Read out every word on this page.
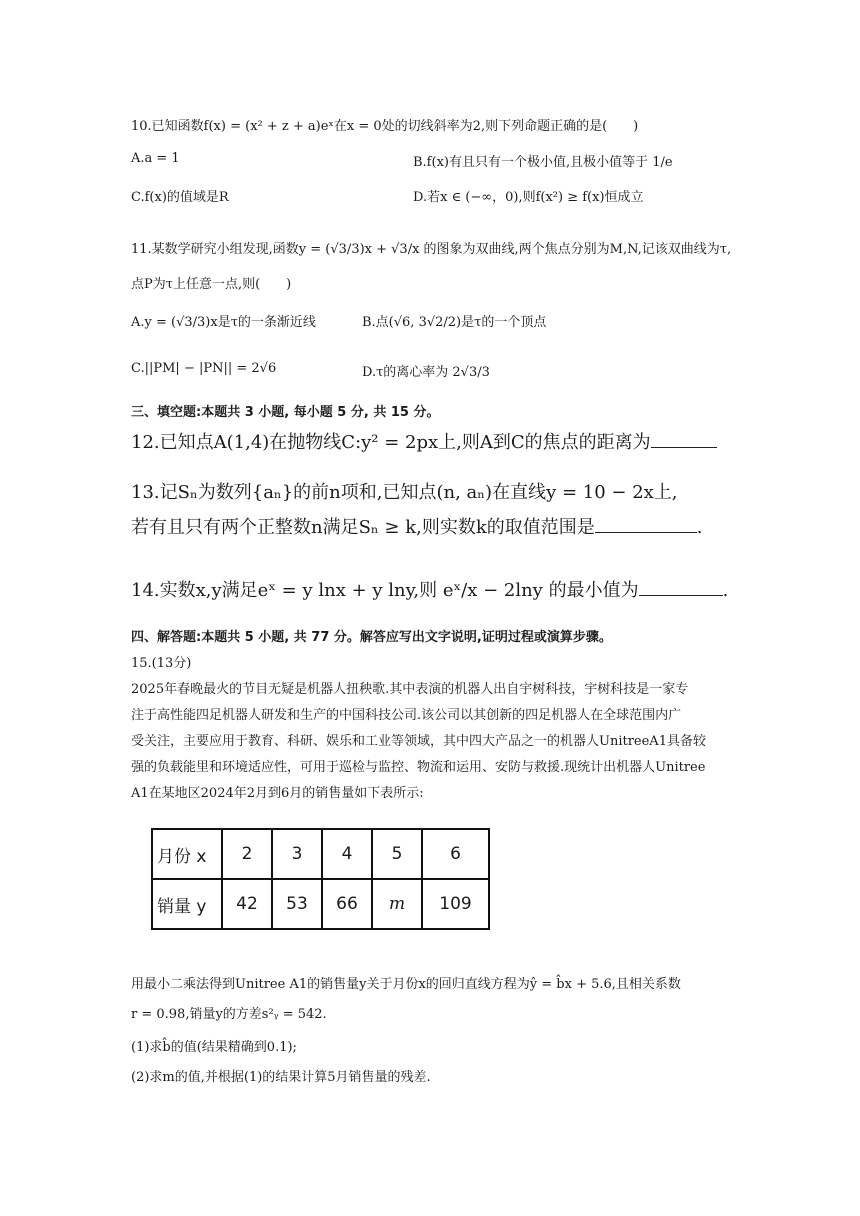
10.已知函数f(x) = (x² + z + a)eˣ在x = 0处的切线斜率为2,则下列命题正确的是(　　)
A.a = 1	B.f(x)有且只有一个极小值,且极小值等于 1/e
C.f(x)的值域是R	D.若x ∈ (−∞，0),则f(x²) ≥ f(x)恒成立
11.某数学研究小组发现,函数y = (√3/3)x + √3/x 的图象为双曲线,两个焦点分别为M,N,记该双曲线为τ,
点P为τ上任意一点,则(　　)
A.y = (√3/3)x是τ的一条渐近线	B.点(√6, 3√2/2)是τ的一个顶点
C.||PM| − |PN|| = 2√6	D.τ的离心率为 2√3/3
三、填空题:本题共 3 小题, 每小题 5 分, 共 15 分。
12.已知点A(1,4)在抛物线C:y² = 2px上,则A到C的焦点的距离为
13.记Sₙ为数列{aₙ}的前n项和,已知点(n, aₙ)在直线y = 10 − 2x上,
若有且只有两个正整数n满足Sₙ ≥ k,则实数k的取值范围是	.
14.实数x,y满足eˣ = y lnx + y lny,则 eˣ/x − 2lny 的最小值为	.
四、解答题:本题共 5 小题, 共 77 分。解答应写出文字说明,证明过程或演算步骤。
15.(13分)
2025年春晚最火的节目无疑是机器人扭秧歌.其中表演的机器人出自宇树科技，宇树科技是一家专
注于高性能四足机器人研发和生产的中国科技公司.该公司以其创新的四足机器人在全球范围内广
受关注，主要应用于教育、科研、娱乐和工业等领域，其中四大产品之一的机器人UnitreeA1具备较
强的负载能里和环境适应性，可用于巡检与监控、物流和运用、安防与救援.现统计出机器人Unitree
A1在某地区2024年2月到6月的销售量如下表所示:
月份 x	2	3	4	5	6
销量 y	42	53	66	m	109
用最小二乘法得到Unitree A1的销售量y关于月份x的回归直线方程为ŷ = b̂x + 5.6,且相关系数
r = 0.98,销量y的方差s²ᵧ = 542.
(1)求b̂的值(结果精确到0.1);
(2)求m的值,并根据(1)的结果计算5月销售量的残差.
